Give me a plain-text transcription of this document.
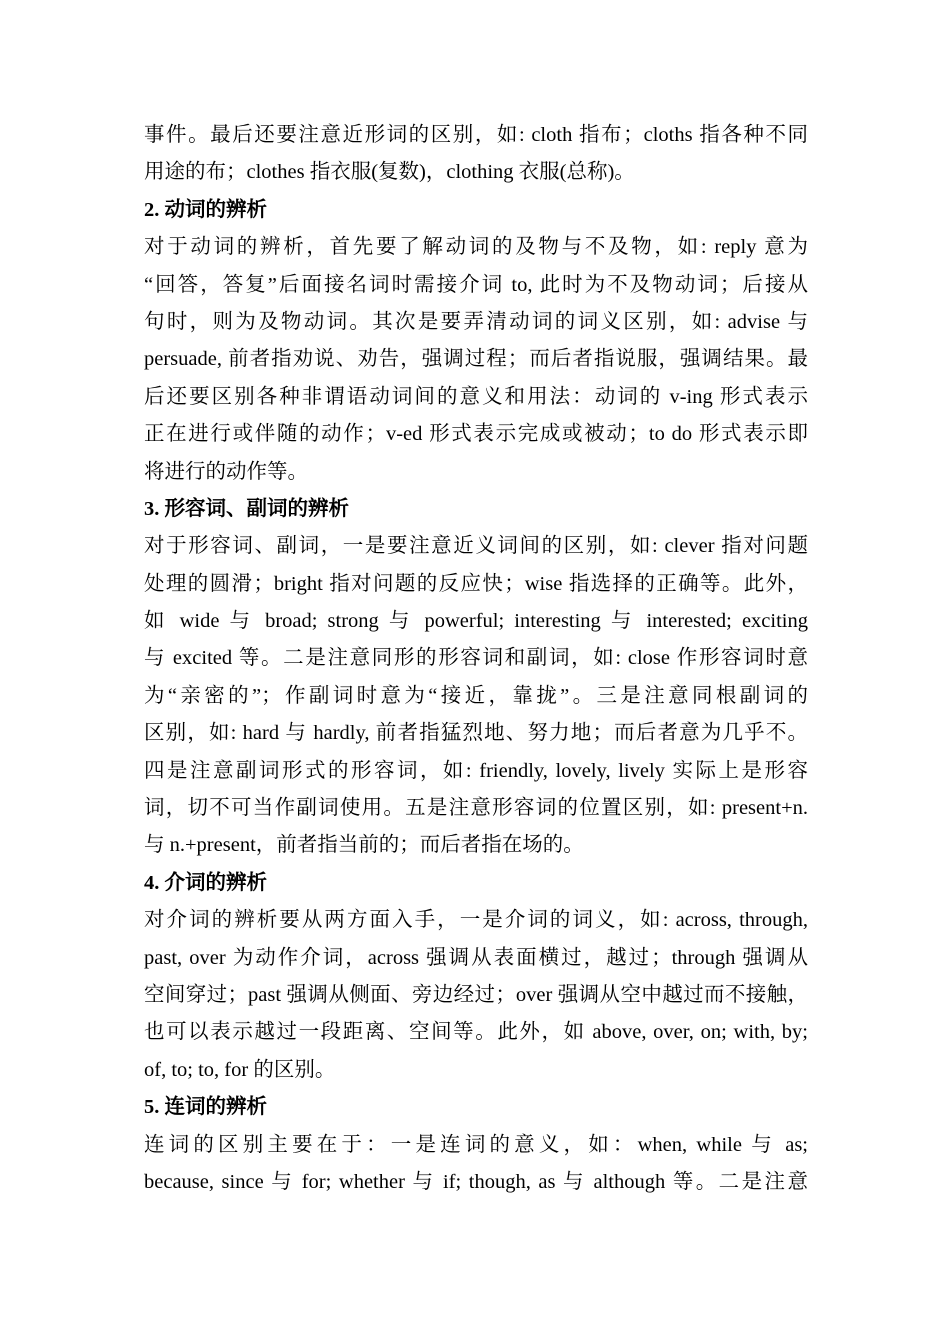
事件。最后还要注意近形词的区别，如: cloth 指布；cloths 指各种不同
用途的布；clothes 指衣服(复数)，clothing 衣服(总称)。
2. 动词的辨析
对于动词的辨析，首先要了解动词的及物与不及物，如: reply 意为
“回答，答复”后面接名词时需接介词 to, 此时为不及物动词；后接从
句时，则为及物动词。其次是要弄清动词的词义区别，如: advise 与
persuade, 前者指劝说、劝告，强调过程；而后者指说服，强调结果。最
后还要区别各种非谓语动词间的意义和用法：动词的 v-ing 形式表示
正在进行或伴随的动作；v-ed 形式表示完成或被动；to do 形式表示即
将进行的动作等。
3. 形容词、副词的辨析
对于形容词、副词，一是要注意近义词间的区别，如: clever 指对问题
处理的圆滑；bright 指对问题的反应快；wise 指选择的正确等。此外，
如 wide 与 broad; strong 与 powerful; interesting 与 interested; exciting
与 excited 等。二是注意同形的形容词和副词，如: close 作形容词时意
为“亲密的”；作副词时意为“接近，靠拢”。三是注意同根副词的
区别，如: hard 与 hardly, 前者指猛烈地、努力地；而后者意为几乎不。
四是注意副词形式的形容词，如: friendly, lovely, lively 实际上是形容
词，切不可当作副词使用。五是注意形容词的位置区别，如: present+n.
与 n.+present，前者指当前的；而后者指在场的。
4. 介词的辨析
对介词的辨析要从两方面入手，一是介词的词义，如: across, through,
past, over 为动作介词，across 强调从表面横过，越过；through 强调从
空间穿过；past 强调从侧面、旁边经过；over 强调从空中越过而不接触，
也可以表示越过一段距离、空间等。此外，如 above, over, on; with, by;
of, to; to, for 的区别。
5. 连词的辨析
连词的区别主要在于：一是连词的意义，如：when, while 与 as;
because, since 与 for; whether 与 if; though, as 与 although 等。二是注意
